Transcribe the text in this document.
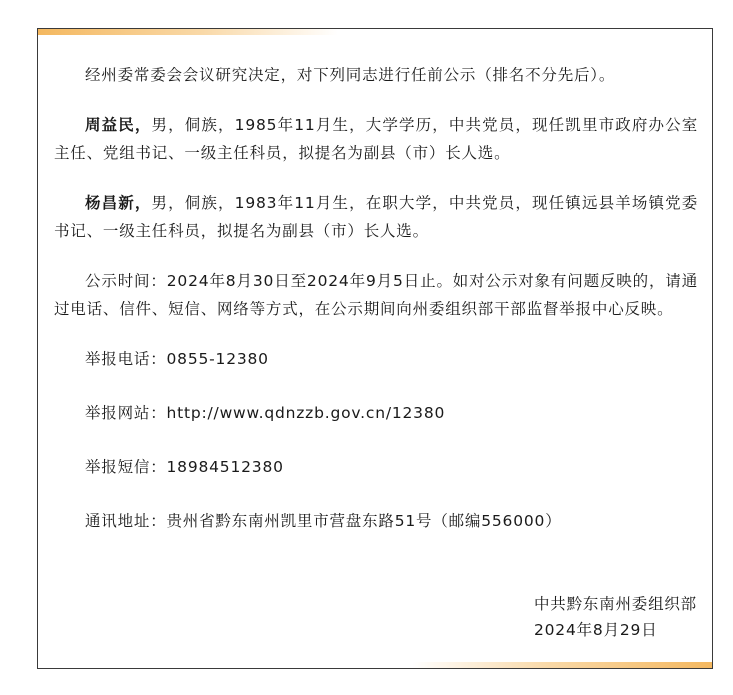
经州委常委会会议研究决定，对下列同志进行任前公示（排名不分先后）。

周益民，男，侗族，1985年11月生，大学学历，中共党员，现任凯里市政府办公室主任、党组书记、一级主任科员，拟提名为副县（市）长人选。

杨昌新，男，侗族，1983年11月生，在职大学，中共党员，现任镇远县羊场镇党委书记、一级主任科员，拟提名为副县（市）长人选。

公示时间：2024年8月30日至2024年9月5日止。如对公示对象有问题反映的，请通过电话、信件、短信、网络等方式，在公示期间向州委组织部干部监督举报中心反映。

举报电话：0855-12380

举报网站：http://www.qdnzzb.gov.cn/12380

举报短信：18984512380

通讯地址：贵州省黔东南州凯里市营盘东路51号（邮编556000）

中共黔东南州委组织部
2024年8月29日
